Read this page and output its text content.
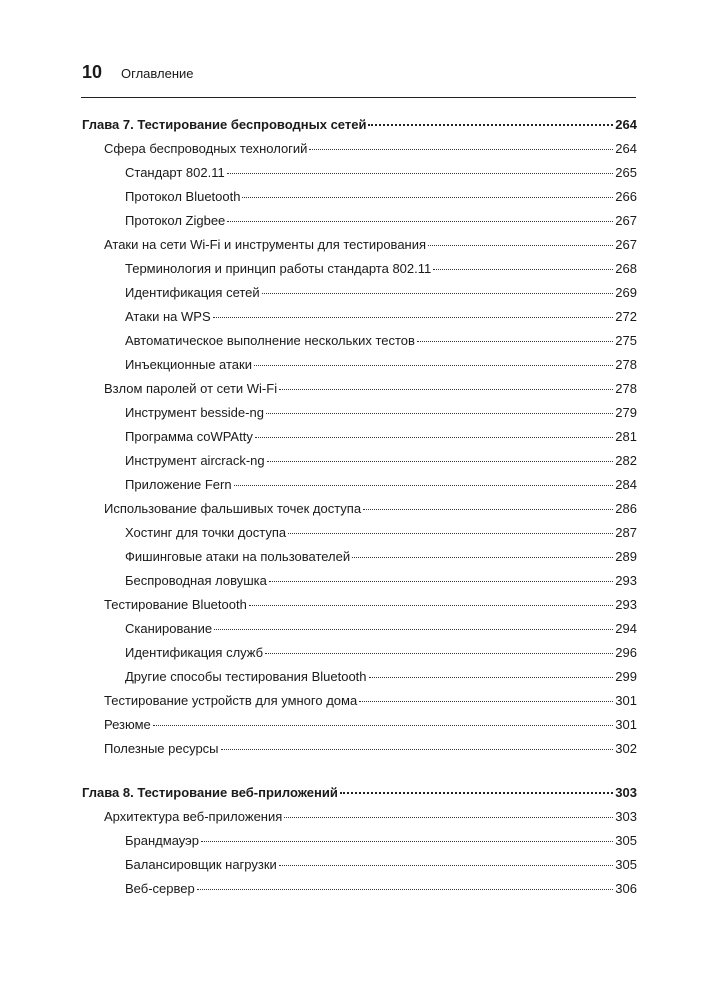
10 Оглавление
Глава 7. Тестирование беспроводных сетей	264
Сфера беспроводных технологий	264
Стандарт 802.11	265
Протокол Bluetooth	266
Протокол Zigbee	267
Атаки на сети Wi-Fi и инструменты для тестирования	267
Терминология и принцип работы стандарта 802.11	268
Идентификация сетей	269
Атаки на WPS	272
Автоматическое выполнение нескольких тестов	275
Инъекционные атаки	278
Взлом паролей от сети Wi-Fi	278
Инструмент besside-ng	279
Программа coWPAtty	281
Инструмент aircrack-ng	282
Приложение Fern	284
Использование фальшивых точек доступа	286
Хостинг для точки доступа	287
Фишинговые атаки на пользователей	289
Беспроводная ловушка	293
Тестирование Bluetooth	293
Сканирование	294
Идентификация служб	296
Другие способы тестирования Bluetooth	299
Тестирование устройств для умного дома	301
Резюме	301
Полезные ресурсы	302
Глава 8. Тестирование веб-приложений	303
Архитектура веб-приложения	303
Брандмауэр	305
Балансировщик нагрузки	305
Веб-сервер	306
